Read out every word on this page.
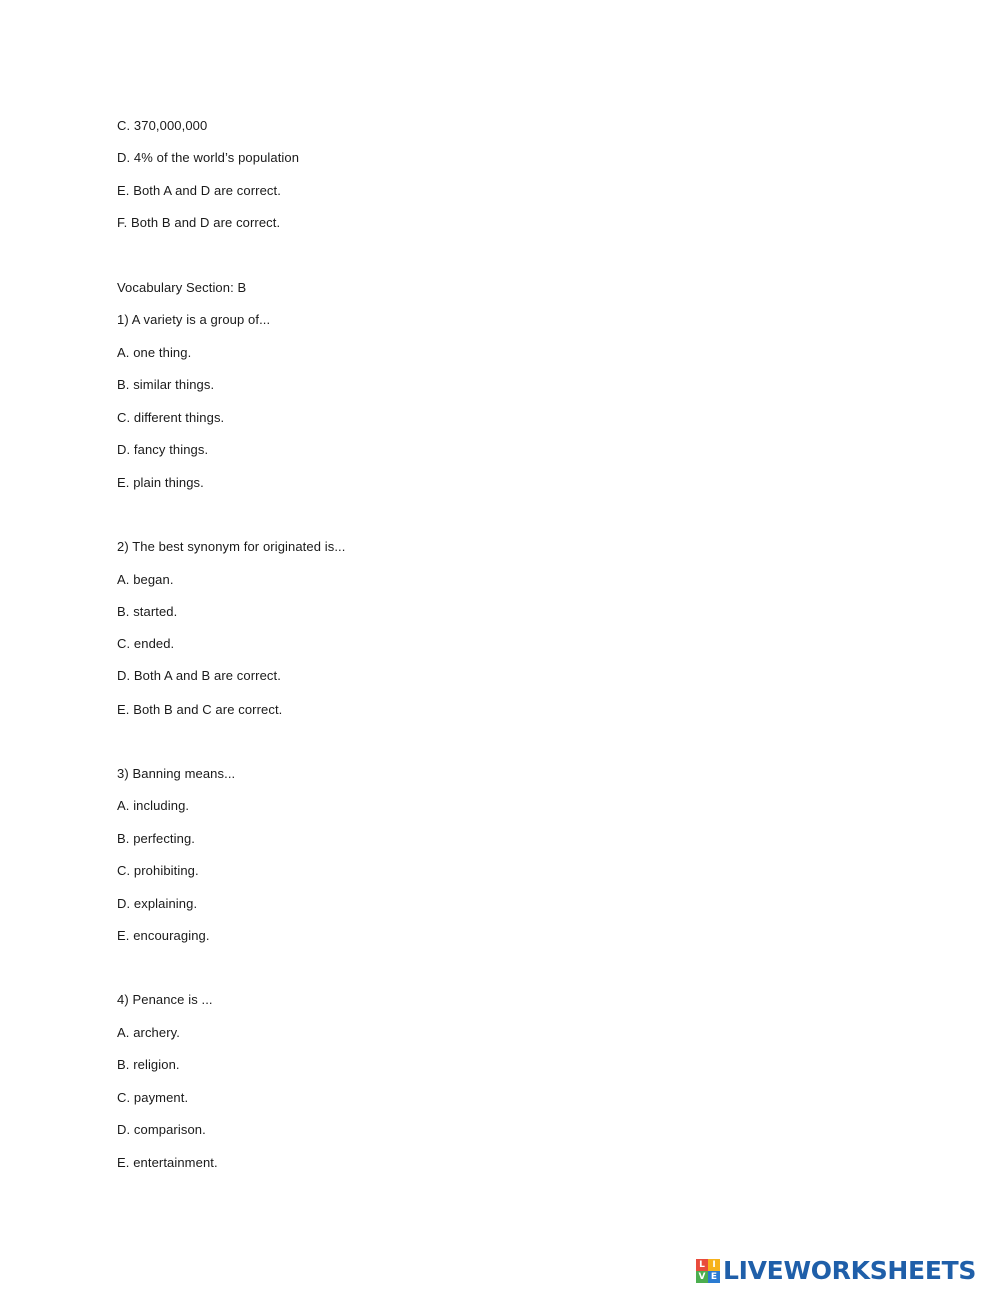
C. 370,000,000
D. 4% of the world’s population
E. Both A and D are correct.
F. Both B and D are correct.
Vocabulary Section: B
1) A variety is a group of...
A. one thing.
B. similar things.
C. different things.
D. fancy things.
E. plain things.
2) The best synonym for originated is...
A. began.
B. started.
C. ended.
D. Both A and B are correct.
E. Both B and C are correct.
3) Banning means...
A. including.
B. perfecting.
C. prohibiting.
D. explaining.
E. encouraging.
4) Penance is ...
A. archery.
B. religion.
C. payment.
D. comparison.
E. entertainment.
L I
V E LIVEWORKSHEETS
